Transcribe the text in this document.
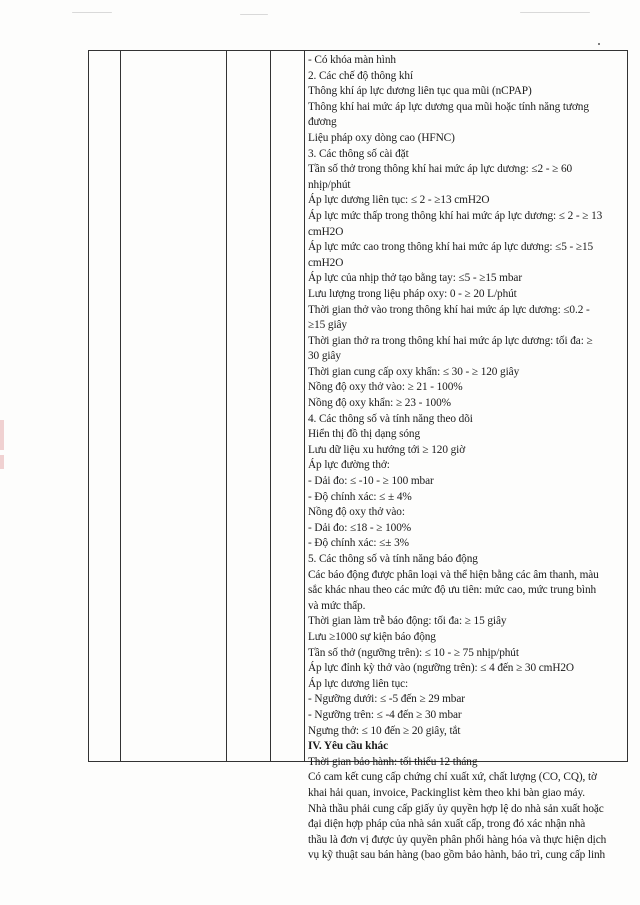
- Có khóa màn hình
2. Các chế độ thông khí
Thông khí áp lực dương liên tục qua mũi (nCPAP)
Thông khí hai mức áp lực dương qua mũi hoặc tính năng tương
đương
Liệu pháp oxy dòng cao (HFNC)
3. Các thông số cài đặt
Tần số thở trong thông khí hai mức áp lực dương: ≤2 - ≥ 60
nhịp/phút
Áp lực dương liên tục: ≤ 2 - ≥13 cmH2O
Áp lực mức thấp trong thông khí hai mức áp lực dương: ≤ 2 - ≥ 13
cmH2O
Áp lực mức cao trong thông khí hai mức áp lực dương: ≤5 - ≥15
cmH2O
Áp lực của nhịp thở tạo bằng tay: ≤5 - ≥15 mbar
Lưu lượng trong liệu pháp oxy: 0 - ≥ 20 L/phút
Thời gian thở vào trong thông khí hai mức áp lực dương: ≤0.2 -
≥15 giây
Thời gian thở ra trong thông khí hai mức áp lực dương: tối đa: ≥
30 giây
Thời gian cung cấp oxy khẩn: ≤ 30 - ≥ 120 giây
Nồng độ oxy thở vào: ≥ 21 - 100%
Nồng độ oxy khẩn: ≥ 23 - 100%
4. Các thông số và tính năng theo dõi
Hiển thị đồ thị dạng sóng
Lưu dữ liệu xu hướng tới ≥ 120 giờ
Áp lực đường thở:
- Dải đo: ≤ -10 - ≥ 100 mbar
- Độ chính xác: ≤ ± 4%
Nồng độ oxy thở vào:
- Dải đo: ≤18 - ≥ 100%
- Độ chính xác: ≤± 3%
5. Các thông số và tính năng báo động
Các báo động được phân loại và thể hiện bằng các âm thanh, màu
sắc khác nhau theo các mức độ ưu tiên: mức cao, mức trung bình
và mức thấp.
Thời gian làm trễ báo động: tối đa: ≥ 15 giây
Lưu ≥1000 sự kiện báo động
Tần số thở (ngưỡng trên): ≤ 10 - ≥ 75 nhịp/phút
Áp lực đỉnh kỳ thở vào (ngưỡng trên): ≤ 4 đến ≥ 30 cmH2O
Áp lực dương liên tục:
- Ngưỡng dưới: ≤ -5 đến ≥ 29 mbar
- Ngưỡng trên: ≤ -4 đến ≥ 30 mbar
Ngưng thở: ≤ 10 đến ≥ 20 giây, tắt
IV. Yêu cầu khác
Thời gian bảo hành: tối thiểu 12 tháng
Có cam kết cung cấp chứng chỉ xuất xứ, chất lượng (CO, CQ), tờ
khai hải quan, invoice, Packinglist kèm theo khi bàn giao máy.
Nhà thầu phải cung cấp giấy ủy quyền hợp lệ do nhà sản xuất hoặc
đại diện hợp pháp của nhà sản xuất cấp, trong đó xác nhận nhà
thầu là đơn vị được ủy quyền phân phối hàng hóa và thực hiện dịch
vụ kỹ thuật sau bán hàng (bao gồm bảo hành, bảo trì, cung cấp linh
